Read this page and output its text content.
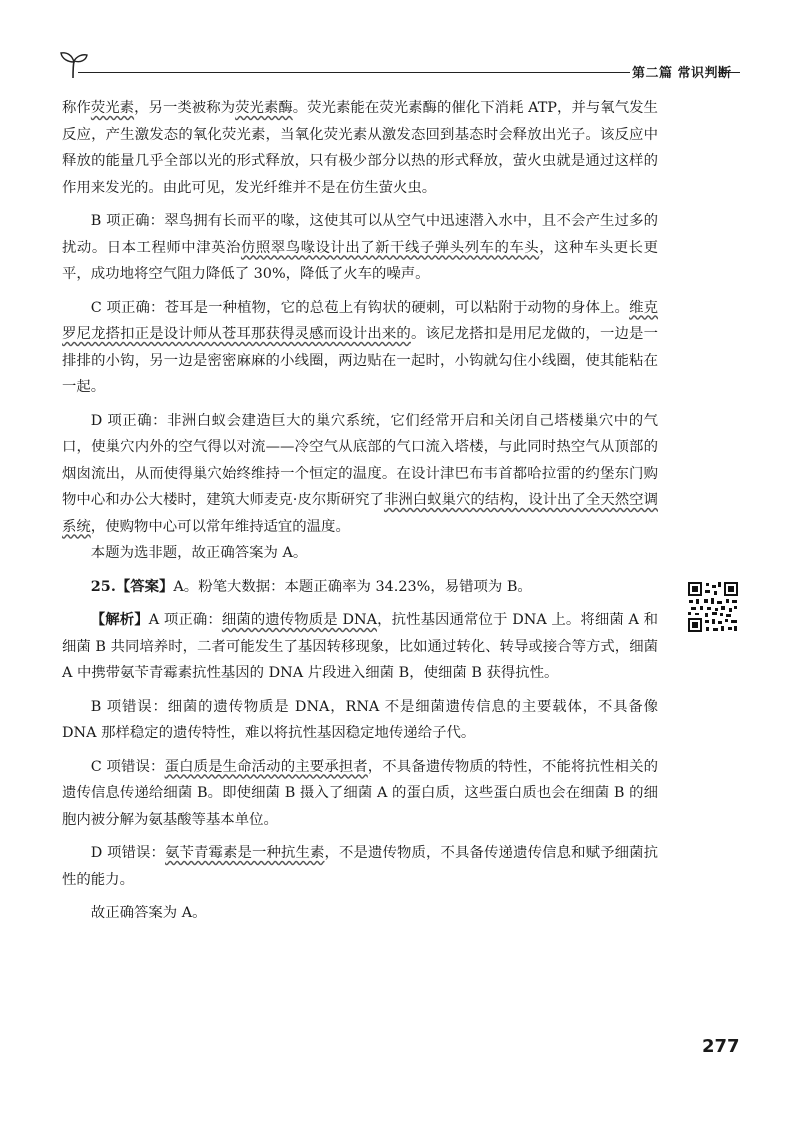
第二篇 常识判断

称作荧光素，另一类被称为荧光素酶。荧光素能在荧光素酶的催化下消耗 ATP，并与氧气发生反应，产生激发态的氧化荧光素，当氧化荧光素从激发态回到基态时会释放出光子。该反应中释放的能量几乎全部以光的形式释放，只有极少部分以热的形式释放，萤火虫就是通过这样的作用来发光的。由此可见，发光纤维并不是在仿生萤火虫。

B 项正确：翠鸟拥有长而平的喙，这使其可以从空气中迅速潜入水中，且不会产生过多的扰动。日本工程师中津英治仿照翠鸟喙设计出了新干线子弹头列车的车头，这种车头更长更平，成功地将空气阻力降低了 30%，降低了火车的噪声。

C 项正确：苍耳是一种植物，它的总苞上有钩状的硬刺，可以粘附于动物的身体上。维克罗尼龙搭扣正是设计师从苍耳那获得灵感而设计出来的。该尼龙搭扣是用尼龙做的，一边是一排排的小钩，另一边是密密麻麻的小线圈，两边贴在一起时，小钩就勾住小线圈，使其能粘在一起。

D 项正确：非洲白蚁会建造巨大的巢穴系统，它们经常开启和关闭自己塔楼巢穴中的气口，使巢穴内外的空气得以对流——冷空气从底部的气口流入塔楼，与此同时热空气从顶部的烟囱流出，从而使得巢穴始终维持一个恒定的温度。在设计津巴布韦首都哈拉雷的约堡东门购物中心和办公大楼时，建筑大师麦克·皮尔斯研究了非洲白蚁巢穴的结构，设计出了全天然空调系统，使购物中心可以常年维持适宜的温度。

本题为选非题，故正确答案为 A。

25.【答案】A。粉笔大数据：本题正确率为 34.23%，易错项为 B。

【解析】A 项正确：细菌的遗传物质是 DNA，抗性基因通常位于 DNA 上。将细菌 A 和细菌 B 共同培养时，二者可能发生了基因转移现象，比如通过转化、转导或接合等方式，细菌 A 中携带氨苄青霉素抗性基因的 DNA 片段进入细菌 B，使细菌 B 获得抗性。

B 项错误：细菌的遗传物质是 DNA，RNA 不是细菌遗传信息的主要载体，不具备像 DNA 那样稳定的遗传特性，难以将抗性基因稳定地传递给子代。

C 项错误：蛋白质是生命活动的主要承担者，不具备遗传物质的特性，不能将抗性相关的遗传信息传递给细菌 B。即使细菌 B 摄入了细菌 A 的蛋白质，这些蛋白质也会在细菌 B 的细胞内被分解为氨基酸等基本单位。

D 项错误：氨苄青霉素是一种抗生素，不是遗传物质，不具备传递遗传信息和赋予细菌抗性的能力。

故正确答案为 A。

277
